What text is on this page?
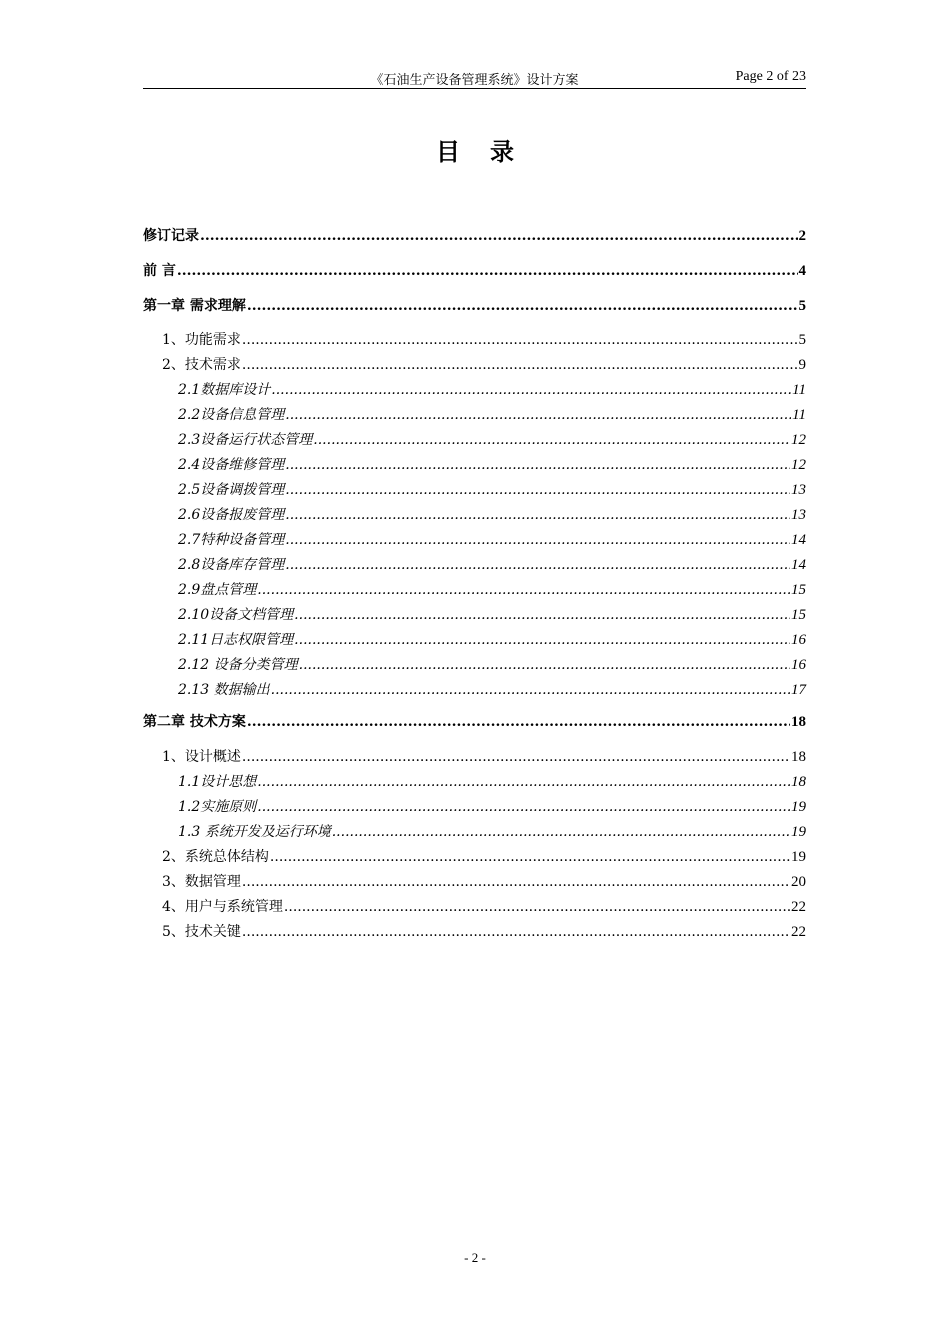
《石油生产设备管理系统》设计方案	Page 2 of 23
目录
修订记录 .....	2
前 言 .....	4
第一章 需求理解 .....	5
1、功能需求 .....	5
2、技术需求 .....	9
2.1数据库设计 .....	11
2.2设备信息管理 .....	11
2.3设备运行状态管理 .....	12
2.4设备维修管理 .....	12
2.5设备调拨管理 .....	13
2.6设备报废管理 .....	13
2.7特种设备管理 .....	14
2.8设备库存管理 .....	14
2.9盘点管理 .....	15
2.10设备文档管理 .....	15
2.11日志权限管理 .....	16
2.12 设备分类管理 .....	16
2.13 数据输出 .....	17
第二章 技术方案 .....	18
1、设计概述 .....	18
1.1设计思想 .....	18
1.2实施原则 .....	19
1.3 系统开发及运行环境 .....	19
2、系统总体结构 .....	19
3、数据管理 .....	20
4、用户与系统管理 .....	22
5、技术关键 .....	22
- 2 -
